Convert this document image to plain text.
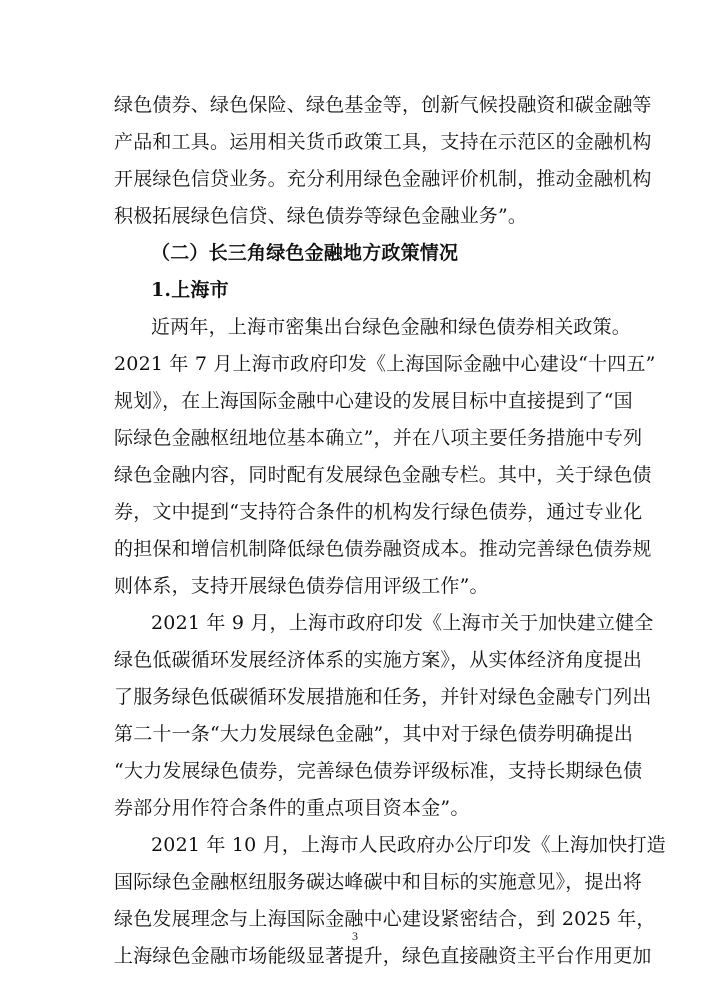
绿色债券、绿色保险、绿色基金等，创新气候投融资和碳金融等
产品和工具。运用相关货币政策工具，支持在示范区的金融机构
开展绿色信贷业务。充分利用绿色金融评价机制，推动金融机构
积极拓展绿色信贷、绿色债券等绿色金融业务”。
（二）长三角绿色金融地方政策情况
1.上海市
近两年，上海市密集出台绿色金融和绿色债券相关政策。
2021 年 7 月上海市政府印发《上海国际金融中心建设“十四五”
规划》，在上海国际金融中心建设的发展目标中直接提到了“国
际绿色金融枢纽地位基本确立”，并在八项主要任务措施中专列
绿色金融内容，同时配有发展绿色金融专栏。其中，关于绿色债
券，文中提到“支持符合条件的机构发行绿色债券，通过专业化
的担保和增信机制降低绿色债券融资成本。推动完善绿色债券规
则体系，支持开展绿色债券信用评级工作”。
2021 年 9 月，上海市政府印发《上海市关于加快建立健全
绿色低碳循环发展经济体系的实施方案》，从实体经济角度提出
了服务绿色低碳循环发展措施和任务，并针对绿色金融专门列出
第二十一条“大力发展绿色金融”，其中对于绿色债券明确提出
“大力发展绿色债券，完善绿色债券评级标准，支持长期绿色债
券部分用作符合条件的重点项目资本金”。
2021 年 10 月，上海市人民政府办公厅印发《上海加快打造
国际绿色金融枢纽服务碳达峰碳中和目标的实施意见》，提出将
绿色发展理念与上海国际金融中心建设紧密结合，到 2025 年，
上海绿色金融市场能级显著提升，绿色直接融资主平台作用更加
3
